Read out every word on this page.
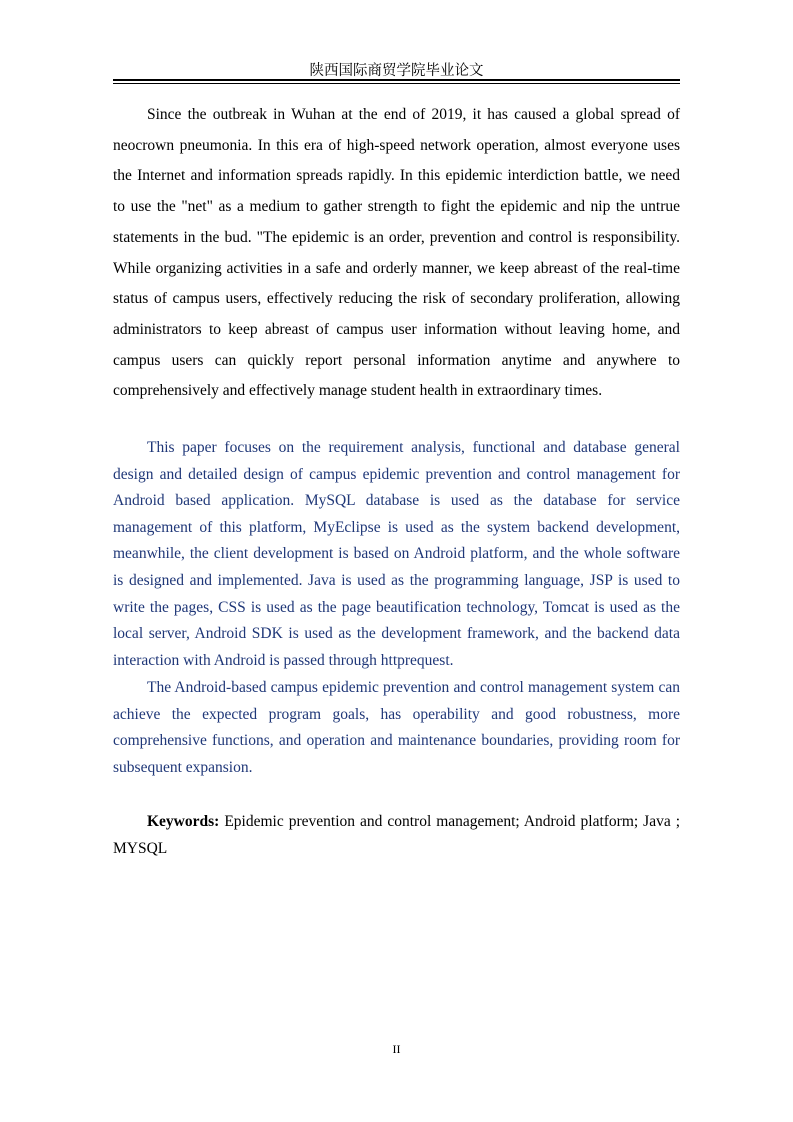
陕西国际商贸学院毕业论文

Since the outbreak in Wuhan at the end of 2019, it has caused a global spread of neocrown pneumonia. In this era of high-speed network operation, almost everyone uses the Internet and information spreads rapidly. In this epidemic interdiction battle, we need to use the "net" as a medium to gather strength to fight the epidemic and nip the untrue statements in the bud. "The epidemic is an order, prevention and control is responsibility. While organizing activities in a safe and orderly manner, we keep abreast of the real-time status of campus users, effectively reducing the risk of secondary proliferation, allowing administrators to keep abreast of campus user information without leaving home, and campus users can quickly report personal information anytime and anywhere to comprehensively and effectively manage student health in extraordinary times.

This paper focuses on the requirement analysis, functional and database general design and detailed design of campus epidemic prevention and control management for Android based application. MySQL database is used as the database for service management of this platform, MyEclipse is used as the system backend development, meanwhile, the client development is based on Android platform, and the whole software is designed and implemented. Java is used as the programming language, JSP is used to write the pages, CSS is used as the page beautification technology, Tomcat is used as the local server, Android SDK is used as the development framework, and the backend data interaction with Android is passed through httprequest.

The Android-based campus epidemic prevention and control management system can achieve the expected program goals, has operability and good robustness, more comprehensive functions, and operation and maintenance boundaries, providing room for subsequent expansion.

Keywords: Epidemic prevention and control management; Android platform; Java ; MYSQL

II
